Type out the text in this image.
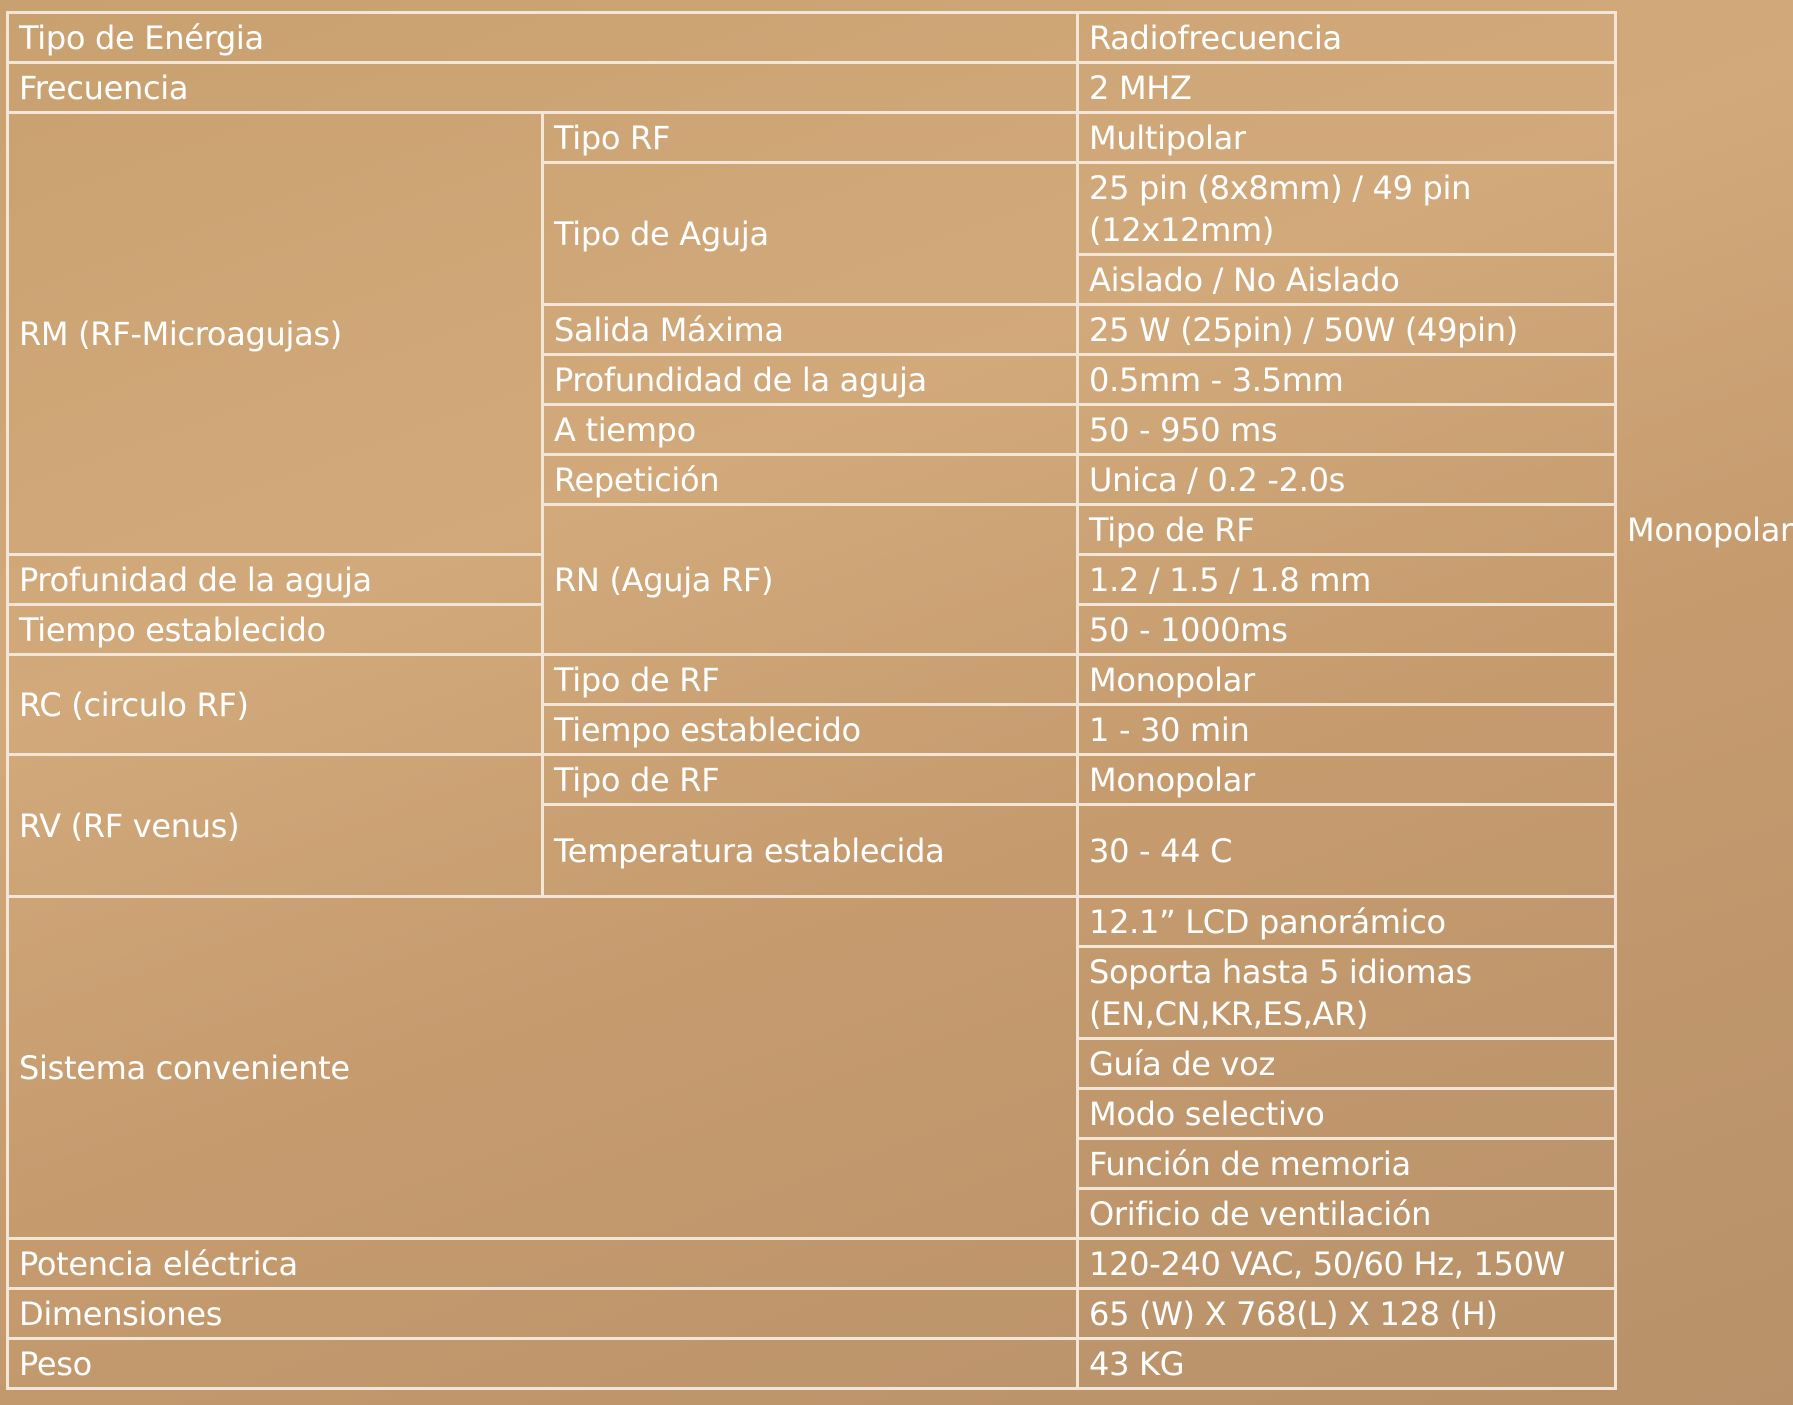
Tipo de Enérgia		Radiofrecuencia	
Frecuencia		2 MHZ	
RM (RF-Microagujas)	Tipo RF	Multipolar	
	Tipo de Aguja	25 pin (8x8mm) / 49 pin (12x12mm)	
		Aislado / No Aislado	
	Salida Máxima	25 W (25pin) / 50W (49pin)	
	Profundidad de la aguja	0.5mm - 3.5mm	
	A tiempo	50 - 950 ms	
	Repetición	Unica / 0.2 -2.0s	
	RN (Aguja RF)	Tipo de RF	Monopolar
Profunidad de la aguja		1.2 / 1.5 / 1.8 mm	
Tiempo establecido		50 - 1000ms	
RC (circulo RF)	Tipo de RF	Monopolar	
	Tiempo establecido	1 - 30 min	
RV (RF venus)	Tipo de RF	Monopolar	
	Temperatura establecida	30 - 44 C	
Sistema conveniente		12.1” LCD panorámico	
		Soporta hasta 5 idiomas (EN,CN,KR,ES,AR)	
		Guía de voz	
		Modo selectivo	
		Función de memoria	
		Orificio de ventilación	
Potencia eléctrica		120-240 VAC, 50/60 Hz, 150W	
Dimensiones		65 (W) X 768(L) X 128 (H)	
Peso		43 KG	
